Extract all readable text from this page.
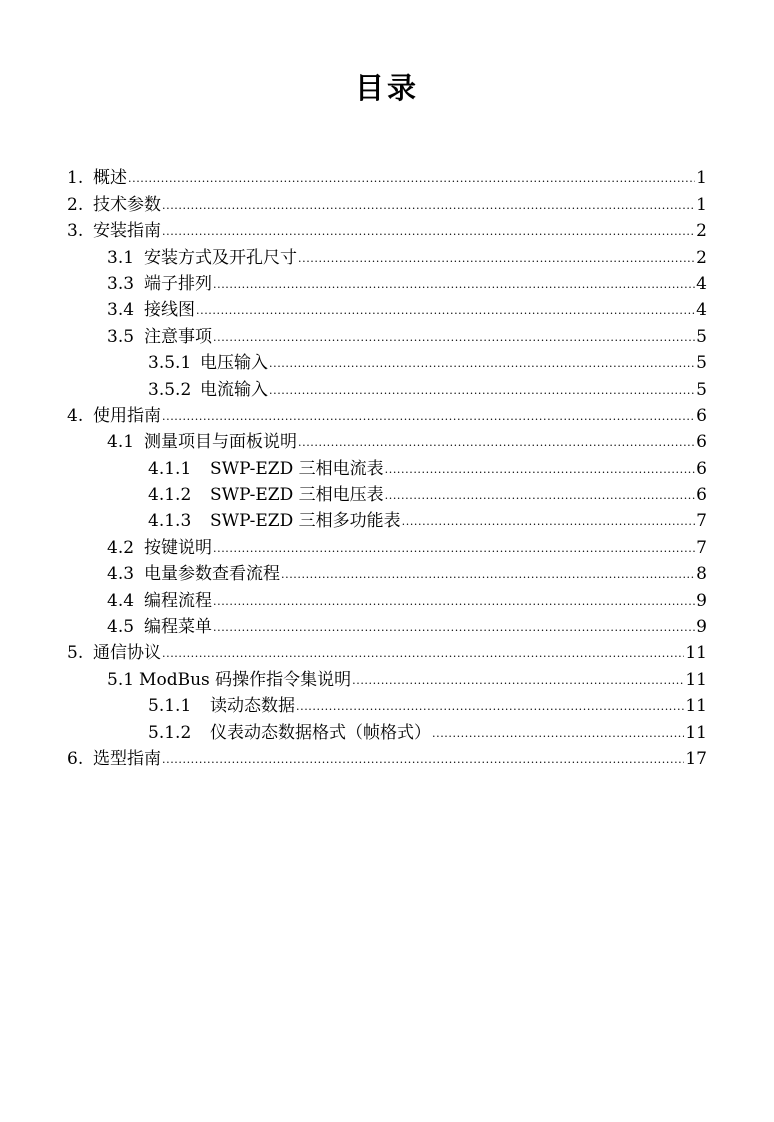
目录
1. 概述 .....	1
2. 技术参数 .....	1
3. 安装指南 .....	2
3.1 安装方式及开孔尺寸 .....	2
3.3 端子排列 .....	4
3.4 接线图 .....	4
3.5 注意事项 .....	5
3.5.1 电压输入 .....	5
3.5.2 电流输入 .....	5
4. 使用指南 .....	6
4.1 测量项目与面板说明 .....	6
4.1.1 SWP-EZD 三相电流表 .....	6
4.1.2 SWP-EZD 三相电压表 .....	6
4.1.3 SWP-EZD 三相多功能表 .....	7
4.2 按键说明 .....	7
4.3 电量参数查看流程 .....	8
4.4 编程流程 .....	9
4.5 编程菜单 .....	9
5. 通信协议 .....	11
5.1 ModBus 码操作指令集说明 .....	11
5.1.1 读动态数据 .....	11
5.1.2 仪表动态数据格式（帧格式） .....	11
6. 选型指南 .....	17
